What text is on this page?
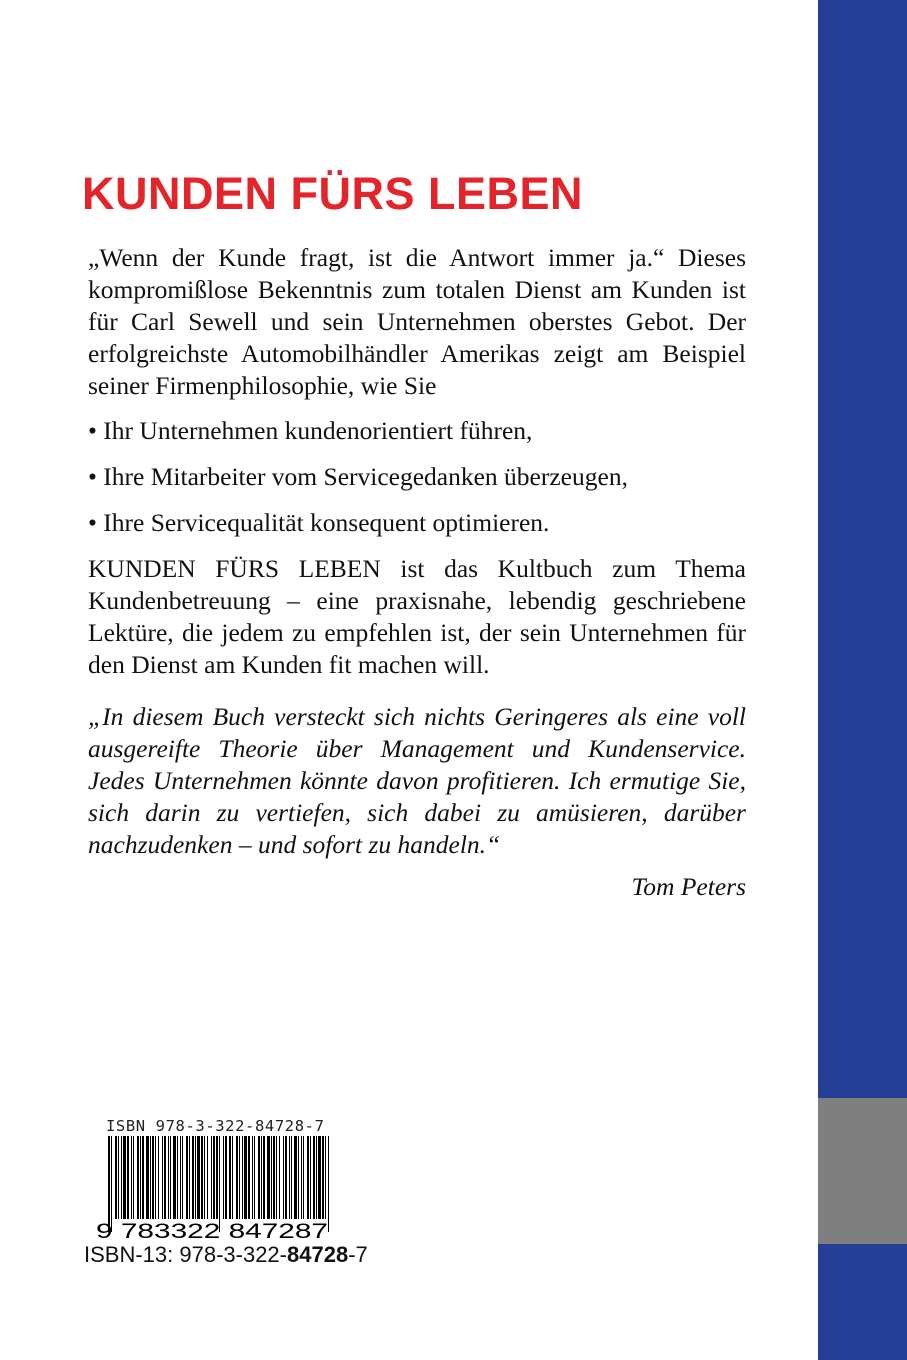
KUNDEN FÜRS LEBEN

„Wenn der Kunde fragt, ist die Antwort immer ja.“ Dieses kompromißlose Bekenntnis zum totalen Dienst am Kunden ist für Carl Sewell und sein Unternehmen oberstes Gebot. Der erfolgreichste Automobilhändler Amerikas zeigt am Beispiel seiner Firmenphilosophie, wie Sie

• Ihr Unternehmen kundenorientiert führen,
• Ihre Mitarbeiter vom Servicegedanken überzeugen,
• Ihre Servicequalität konsequent optimieren.

KUNDEN FÜRS LEBEN ist das Kultbuch zum Thema Kundenbetreuung – eine praxisnahe, lebendig geschriebene Lektüre, die jedem zu empfehlen ist, der sein Unternehmen für den Dienst am Kunden fit machen will.

„In diesem Buch versteckt sich nichts Geringeres als eine voll ausgereifte Theorie über Management und Kundenservice. Jedes Unternehmen könnte davon profitieren. Ich ermutige Sie, sich darin zu vertiefen, sich dabei zu amüsieren, darüber nachzudenken – und sofort zu handeln.“

Tom Peters

ISBN 978-3-322-84728-7
9 783322 847287
ISBN-13: 978-3-322-84728-7
